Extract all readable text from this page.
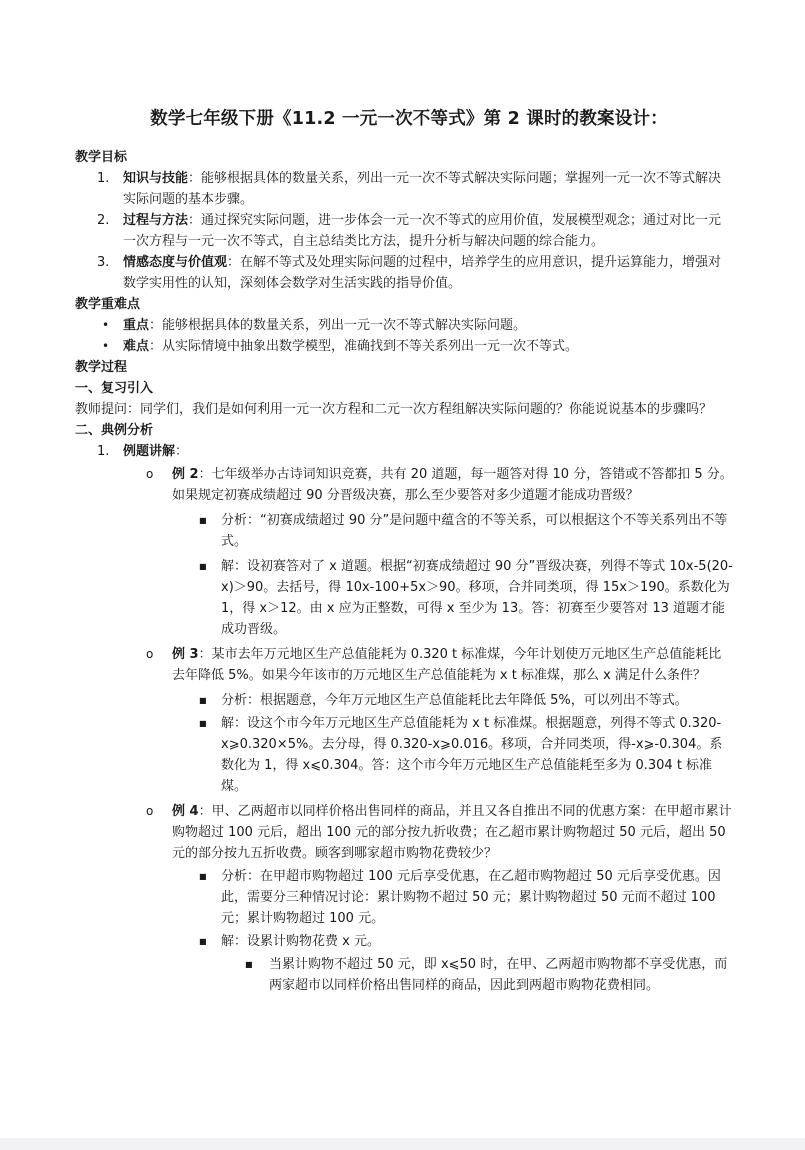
数学七年级下册《11.2 一元一次不等式》第 2 课时的教案设计：
教学目标
1. 知识与技能：能够根据具体的数量关系，列出一元一次不等式解决实际问题；掌握列一元一次不等式解决实际问题的基本步骤。
2. 过程与方法：通过探究实际问题，进一步体会一元一次不等式的应用价值，发展模型观念；通过对比一元一次方程与一元一次不等式，自主总结类比方法，提升分析与解决问题的综合能力。
3. 情感态度与价值观：在解不等式及处理实际问题的过程中，培养学生的应用意识，提升运算能力，增强对数学实用性的认知，深刻体会数学对生活实践的指导价值。
教学重难点
• 重点：能够根据具体的数量关系，列出一元一次不等式解决实际问题。
• 难点：从实际情境中抽象出数学模型，准确找到不等关系列出一元一次不等式。
教学过程
一、复习引入
教师提问：同学们，我们是如何利用一元一次方程和二元一次方程组解决实际问题的？你能说说基本的步骤吗？
二、典例分析
1. 例题讲解：
o 例 2：七年级举办古诗词知识竞赛，共有 20 道题，每一题答对得 10 分，答错或不答都扣 5 分。如果规定初赛成绩超过 90 分晋级决赛，那么至少要答对多少道题才能成功晋级？
■ 分析：“初赛成绩超过 90 分”是问题中蕴含的不等关系，可以根据这个不等关系列出不等式。
■ 解：设初赛答对了 x 道题。根据“初赛成绩超过 90 分”晋级决赛，列得不等式 10x-5(20-x)＞90。去括号，得 10x-100+5x＞90。移项，合并同类项，得 15x＞190。系数化为 1，得 x＞12。由 x 应为正整数，可得 x 至少为 13。答：初赛至少要答对 13 道题才能成功晋级。
o 例 3：某市去年万元地区生产总值能耗为 0.320 t 标准煤，今年计划使万元地区生产总值能耗比去年降低 5%。如果今年该市的万元地区生产总值能耗为 x t 标准煤，那么 x 满足什么条件？
■ 分析：根据题意，今年万元地区生产总值能耗比去年降低 5%，可以列出不等式。
■ 解：设这个市今年万元地区生产总值能耗为 x t 标准煤。根据题意，列得不等式 0.320-x⩾0.320×5%。去分母，得 0.320-x⩾0.016。移项，合并同类项，得-x⩾-0.304。系数化为 1，得 x⩽0.304。答：这个市今年万元地区生产总值能耗至多为 0.304 t 标准煤。
o 例 4：甲、乙两超市以同样价格出售同样的商品，并且又各自推出不同的优惠方案：在甲超市累计购物超过 100 元后，超出 100 元的部分按九折收费；在乙超市累计购物超过 50 元后，超出 50 元的部分按九五折收费。顾客到哪家超市购物花费较少？
■ 分析：在甲超市购物超过 100 元后享受优惠，在乙超市购物超过 50 元后享受优惠。因此，需要分三种情况讨论：累计购物不超过 50 元；累计购物超过 50 元而不超过 100 元；累计购物超过 100 元。
■ 解：设累计购物花费 x 元。
■ 当累计购物不超过 50 元，即 x⩽50 时，在甲、乙两超市购物都不享受优惠，而两家超市以同样价格出售同样的商品，因此到两超市购物花费相同。
